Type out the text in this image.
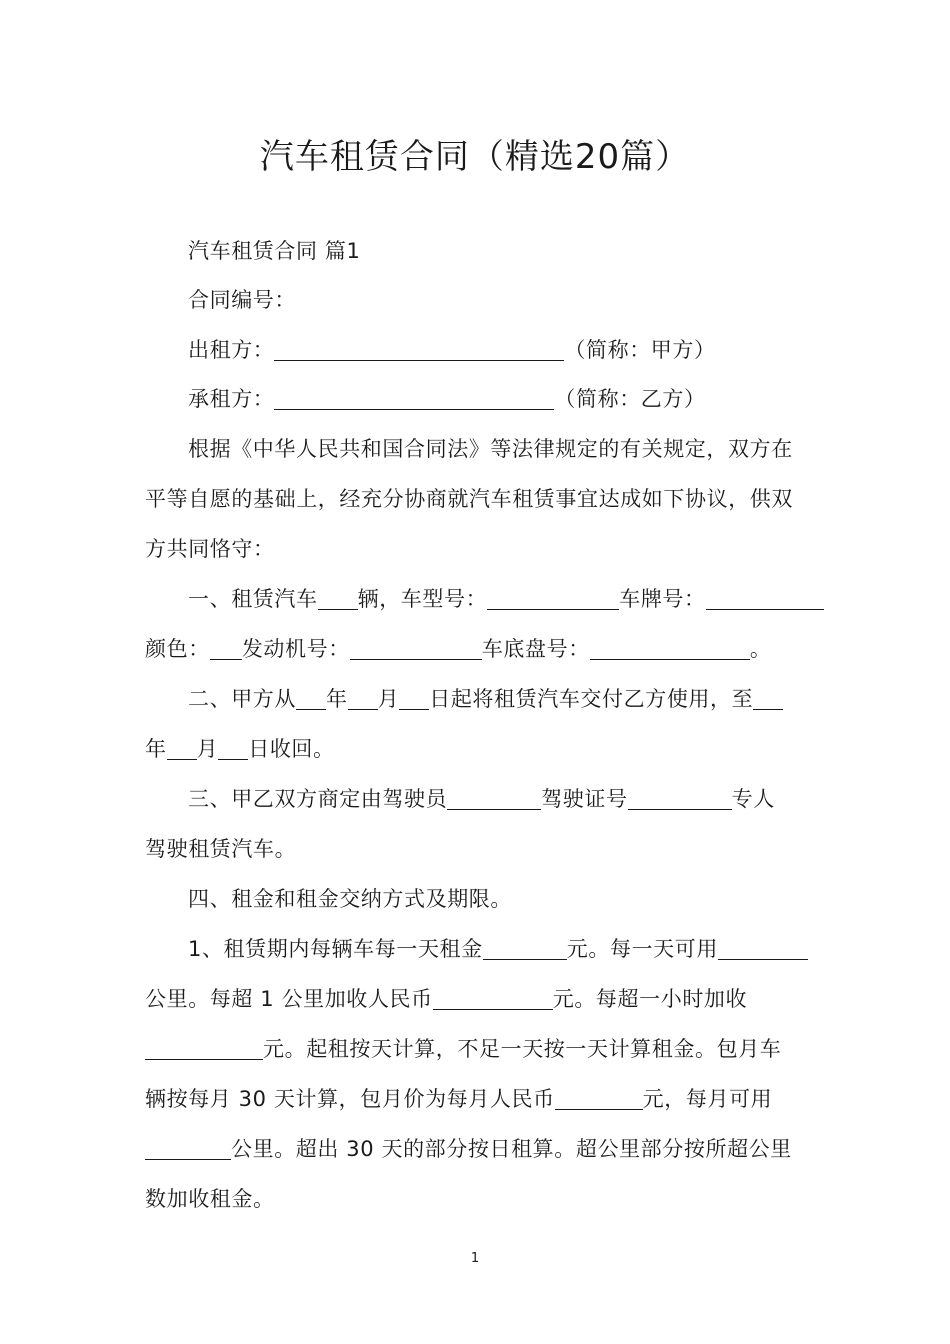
汽车租赁合同（精选20篇）
汽车租赁合同 篇1
合同编号：
出租方：	（简称：甲方）
承租方：	（简称：乙方）
根据《中华人民共和国合同法》等法律规定的有关规定，双方在
平等自愿的基础上，经充分协商就汽车租赁事宜达成如下协议，供双
方共同恪守：
一、租赁汽车 辆，车型号：	车牌号：
颜色： 发动机号：	车底盘号：	。
二、甲方从 年 月 日起将租赁汽车交付乙方使用，至
年 月 日收回。
三、甲乙双方商定由驾驶员	驾驶证号	专人
驾驶租赁汽车。
四、租金和租金交纳方式及期限。
1、租赁期内每辆车每一天租金	元。每一天可用
公里。每超 1 公里加收人民币	元。每超一小时加收
元。起租按天计算，不足一天按一天计算租金。包月车
辆按每月 30 天计算，包月价为每月人民币	元，每月可用
公里。超出 30 天的部分按日租算。超公里部分按所超公里
数加收租金。
1
